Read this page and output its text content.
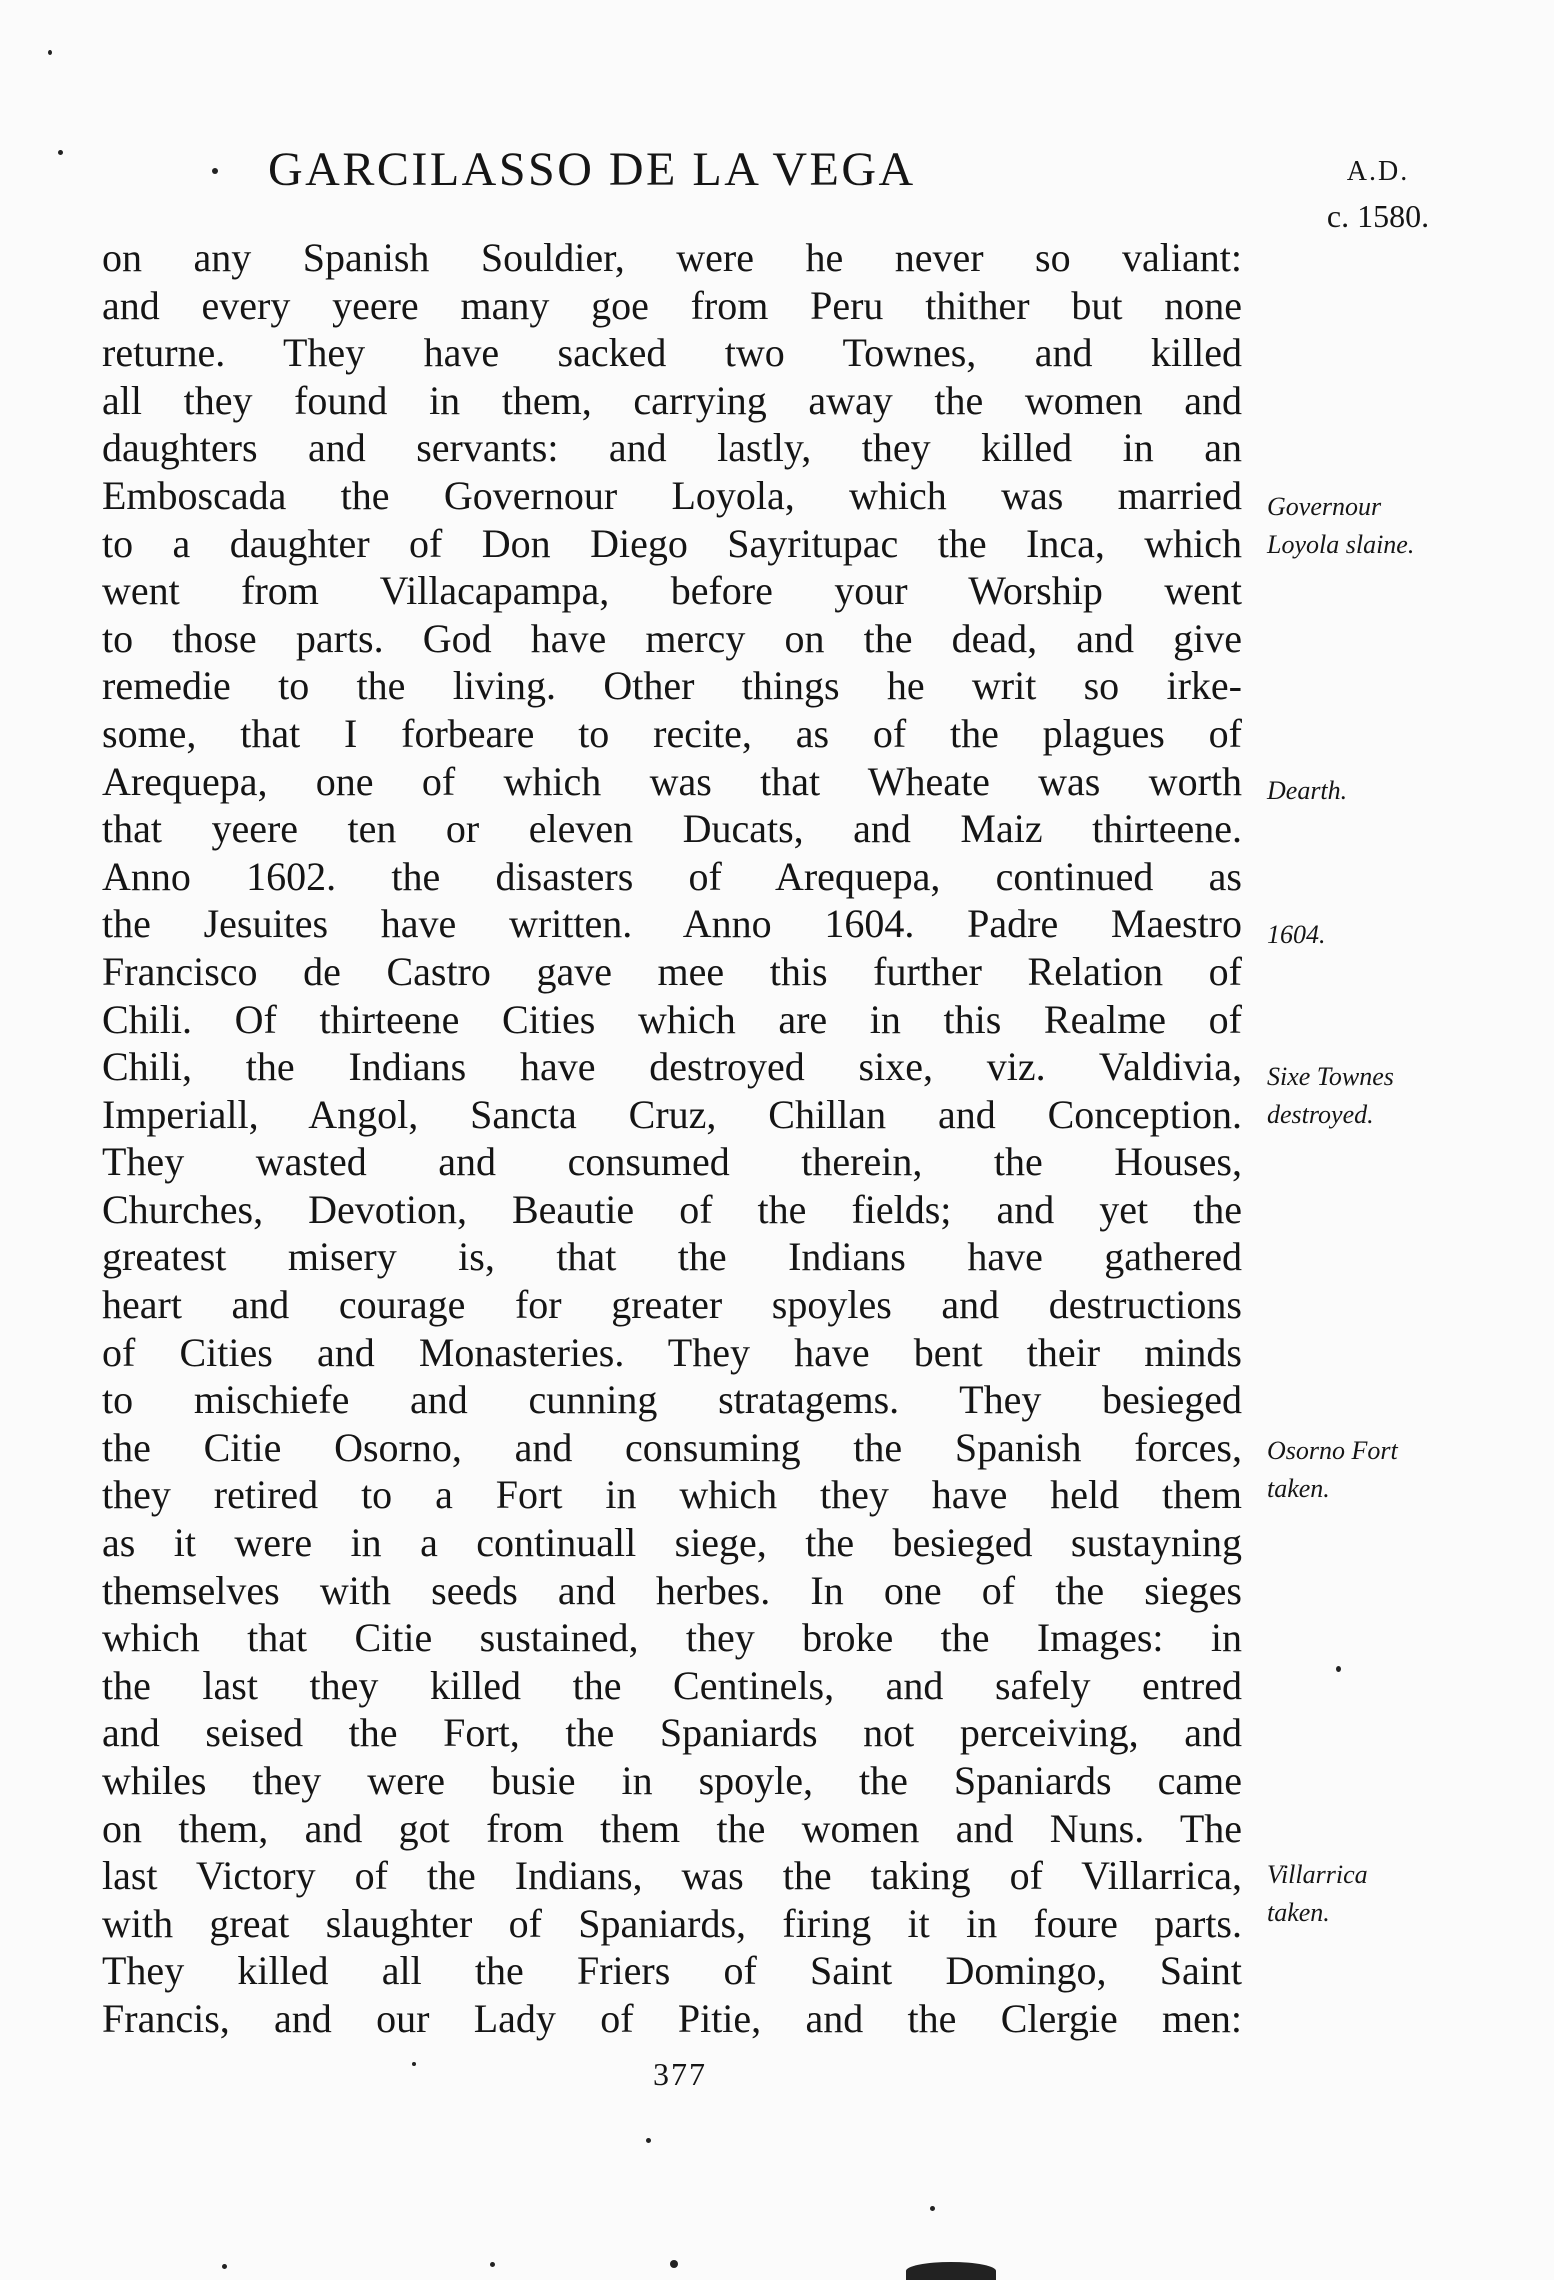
GARCILASSO DE LA VEGA	A.D.
c. 1580.
on any Spanish Souldier, were he never so valiant:
and every yeere many goe from Peru thither but none
returne. They have sacked two Townes, and killed
all they found in them, carrying away the women and
daughters and servants: and lastly, they killed in an
Emboscada the Governour Loyola, which was married
to a daughter of Don Diego Sayritupac the Inca, which
went from Villacapampa, before your Worship went
to those parts. God have mercy on the dead, and give
remedie to the living. Other things he writ so irke-
some, that I forbeare to recite, as of the plagues of
Arequepa, one of which was that Wheate was worth
that yeere ten or eleven Ducats, and Maiz thirteene.
Anno 1602. the disasters of Arequepa, continued as
the Jesuites have written. Anno 1604. Padre Maestro
Francisco de Castro gave mee this further Relation of
Chili. Of thirteene Cities which are in this Realme of
Chili, the Indians have destroyed sixe, viz. Valdivia,
Imperiall, Angol, Sancta Cruz, Chillan and Conception.
They wasted and consumed therein, the Houses,
Churches, Devotion, Beautie of the fields; and yet the
greatest misery is, that the Indians have gathered
heart and courage for greater spoyles and destructions
of Cities and Monasteries. They have bent their minds
to mischiefe and cunning stratagems. They besieged
the Citie Osorno, and consuming the Spanish forces,
they retired to a Fort in which they have held them
as it were in a continuall siege, the besieged sustayning
themselves with seeds and herbes. In one of the sieges
which that Citie sustained, they broke the Images: in
the last they killed the Centinels, and safely entred
and seised the Fort, the Spaniards not perceiving, and
whiles they were busie in spoyle, the Spaniards came
on them, and got from them the women and Nuns. The
last Victory of the Indians, was the taking of Villarrica,
with great slaughter of Spaniards, firing it in foure parts.
They killed all the Friers of Saint Domingo, Saint
Francis, and our Lady of Pitie, and the Clergie men:
Governour
Loyola slaine.
Dearth.
1604.
Sixe Townes
destroyed.
Osorno Fort
taken.
Villarrica
taken.
377
